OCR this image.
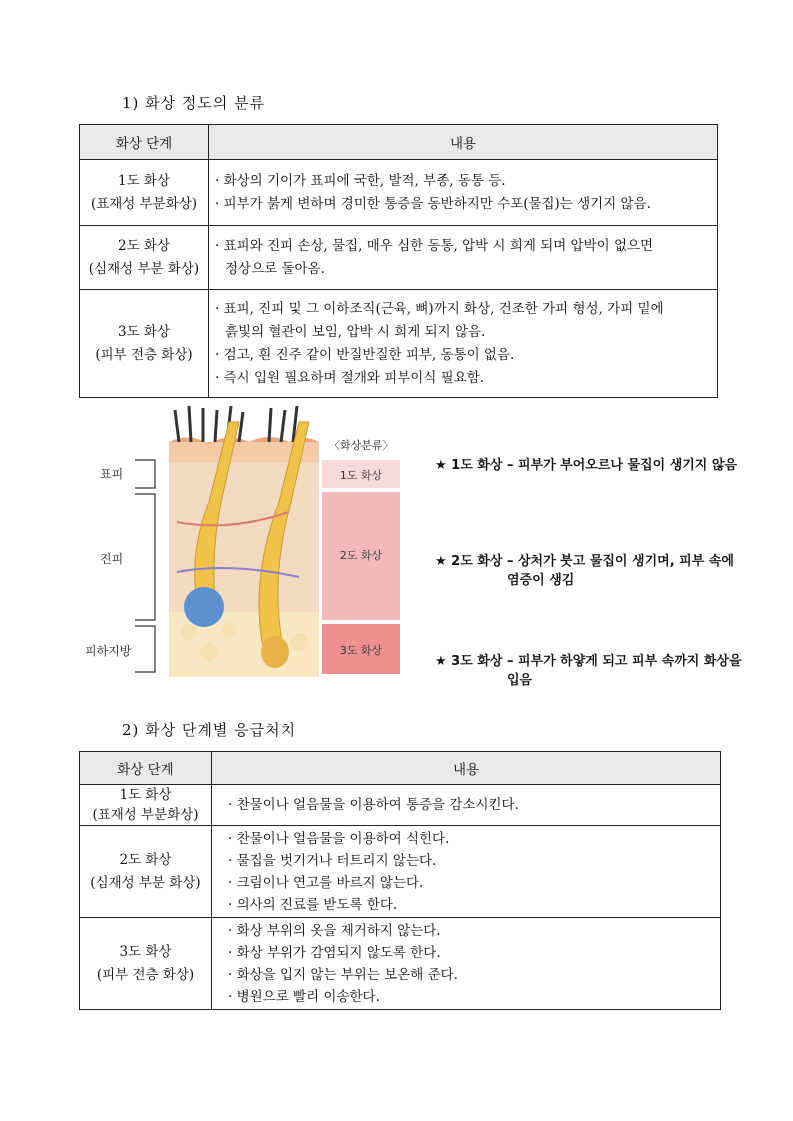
1) 화상 정도의 분류
화상 단계	내용

1도 화상
(표재성 부분화상)	· 화상의 기이가 표피에 국한, 발적, 부종, 동통 등.
· 피부가 붉게 변하며 경미한 통증을 동반하지만 수포(물집)는 생기지 않음.

2도 화상
(심재성 부분 화상)	· 표피와 진피 손상, 물집, 매우 심한 동통, 압박 시 희게 되며 압박이 없으면
정상으로 돌아옴.

3도 화상
(피부 전층 화상)	· 표피, 진피 및 그 이하조직(근육, 뼈)까지 화상, 건조한 가피 형성, 가피 밑에
흙빛의 혈관이 보임, 압박 시 희게 되지 않음.
· 검고, 흰 진주 같이 반질반질한 피부, 동통이 없음.
· 즉시 입원 필요하며 절개와 피부이식 필요함.
표피
진피
피하지방
〈화상분류〉
1도 화상
2도 화상
3도 화상
★ 1도 화상 – 피부가 부어오르나 물집이 생기지 않음
★ 2도 화상 – 상처가 붓고 물집이 생기며, 피부 속에
염증이 생김
★ 3도 화상 – 피부가 하얗게 되고 피부 속까지 화상을
입음
2) 화상 단계별 응급처치
화상 단계	내용

1도 화상
(표재성 부분화상)	· 찬물이나 얼음물을 이용하여 통증을 감소시킨다.

2도 화상
(심재성 부분 화상)	· 찬물이나 얼음물을 이용하여 식힌다.
· 물집을 벗기거나 터트리지 않는다.
· 크림이나 연고를 바르지 않는다.
· 의사의 진료를 받도록 한다.

3도 화상
(피부 전층 화상)	· 화상 부위의 옷을 제거하지 않는다.
· 화상 부위가 감염되지 않도록 한다.
· 화상을 입지 않는 부위는 보온해 준다.
· 병원으로 빨리 이송한다.
